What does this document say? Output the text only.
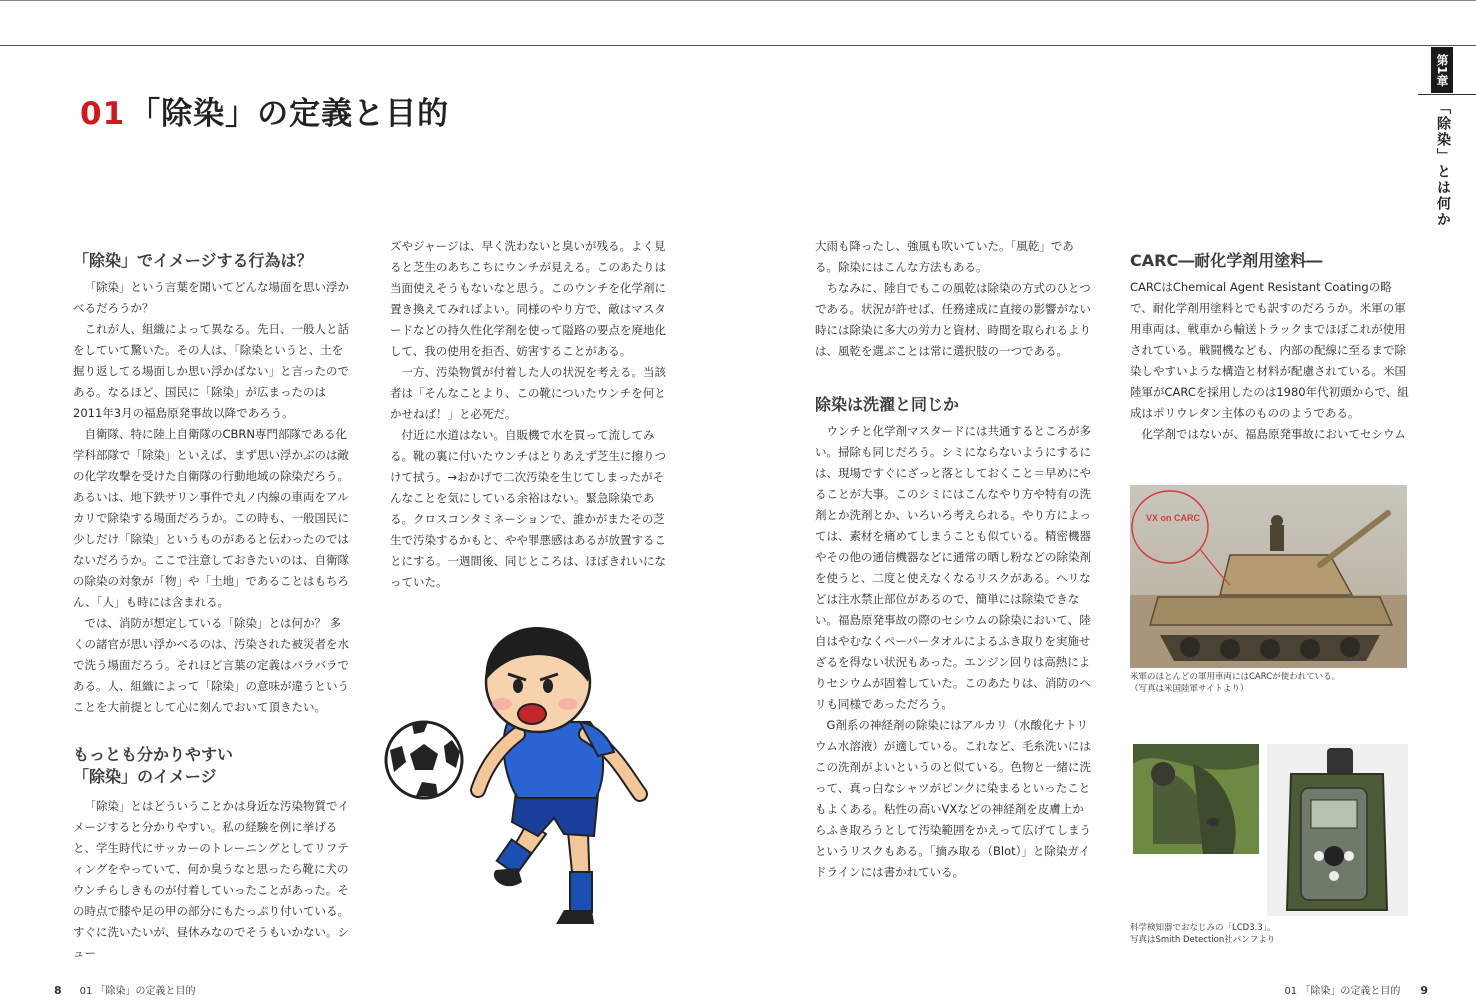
01 「除染」の定義と目的
第1章
「除染」とは何か
「除染」でイメージする行為は？

「除染」という言葉を聞いてどんな場面を思い浮かべるだろうか？

これが人、組織によって異なる。先日、一般人と話をしていて驚いた。その人は、「除染というと、土を掘り返してる場面しか思い浮かばない」と言ったのである。なるほど、国民に「除染」が広まったのは2011年3月の福島原発事故以降であろう。

自衛隊、特に陸上自衛隊のCBRN専門部隊である化学科部隊で「除染」といえば、まず思い浮かぶのは敵の化学攻撃を受けた自衛隊の行動地域の除染だろう。あるいは、地下鉄サリン事件で丸ノ内線の車両をアルカリで除染する場面だろうか。この時も、一般国民に少しだけ「除染」というものがあると伝わったのではないだろうか。ここで注意しておきたいのは、自衛隊の除染の対象が「物」や「土地」であることはもちろん、「人」も時には含まれる。

では、消防が想定している「除染」とは何か？ 多くの諸官が思い浮かべるのは、汚染された被災者を水で洗う場面だろう。それほど言葉の定義はバラバラである。人、組織によって「除染」の意味が違うということを大前提として心に刻んでおいて頂きたい。

もっとも分かりやすい
「除染」のイメージ

「除染」とはどういうことかは身近な汚染物質でイメージすると分かりやすい。私の経験を例に挙げると、学生時代にサッカーのトレーニングとしてリフティングをやっていて、何か臭うなと思ったら靴に犬のウンチらしきものが付着していったことがあった。その時点で膝や足の甲の部分にもたっぷり付いている。すぐに洗いたいが、昼休みなのでそうもいかない。シュー

ズやジャージは、早く洗わないと臭いが残る。よく見ると芝生のあちこちにウンチが見える。このあたりは当面使えそうもないなと思う。このウンチを化学剤に置き換えてみればよい。同様のやり方で、敵はマスタードなどの持久性化学剤を使って隘路の要点を廃地化して、我の使用を拒否、妨害することがある。

一方、汚染物質が付着した人の状況を考える。当該者は「そんなことより、この靴についたウンチを何とかせねば！」と必死だ。

付近に水道はない。自販機で水を買って流してみる。靴の裏に付いたウンチはとりあえず芝生に擦りつけて拭う。→おかげで二次汚染を生じてしまったがそんなことを気にしている余裕はない。緊急除染である。クロスコンタミネーションで、誰かがまたその芝生で汚染するかもと、やや罪悪感はあるが放置することにする。一週間後、同じところは、ほぼきれいになっていた。

大雨も降ったし、強風も吹いていた。「風乾」である。除染にはこんな方法もある。

ちなみに、陸自でもこの風乾は除染の方式のひとつである。状況が許せば、任務達成に直接の影響がない時には除染に多大の労力と資材、時間を取られるよりは、風乾を選ぶことは常に選択肢の一つである。

除染は洗濯と同じか

ウンチと化学剤マスタードには共通するところが多い。掃除も同じだろう。シミにならないようにするには、現場ですぐにざっと落としておくこと＝早めにやることが大事。このシミにはこんなやり方や特有の洗剤とか洗剤とか、いろいろ考えられる。やり方によっては、素材を痛めてしまうことも似ている。精密機器やその他の通信機器などに通常の晒し粉などの除染剤を使うと、二度と使えなくなるリスクがある。ヘリなどは注水禁止部位があるので、簡単には除染できない。福島原発事故の際のセシウムの除染において、陸自はやむなくペーパータオルによるふき取りを実施せざるを得ない状況もあった。エンジン回りは高熱によりセシウムが固着していた。このあたりは、消防のヘリも同様であっただろう。

G剤系の神経剤の除染にはアルカリ（水酸化ナトリウム水溶液）が適している。これなど、毛糸洗いにはこの洗剤がよいというのと似ている。色物と一緒に洗って、真っ白なシャツがピンクに染まるといったこともよくある。粘性の高いVXなどの神経剤を皮膚上からふき取ろうとして汚染範囲をかえって広げてしまうというリスクもある。「摘み取る（Blot）」と除染ガイドラインには書かれている。

CARC―耐化学剤用塗料―

CARCはChemical Agent Resistant Coatingの略で、耐化学剤用塗料とでも訳すのだろうか。米軍の軍用車両は、戦車から輸送トラックまでほぼこれが使用されている。戦闘機なども、内部の配線に至るまで除染しやすいような構造と材料が配慮されている。米国陸軍がCARCを採用したのは1980年代初頭からで、組成はポリウレタン主体のもののようである。

化学剤ではないが、福島原発事故においてセシウム

VX on CARC
米軍のほとんどの軍用車両にはCARCが使われている。
（写真は米国陸軍サイトより）
科学検知器でおなじみの「LCD3.3」。
写真はSmith Detection社パンフより
8 01 「除染」の定義と目的	01 「除染」の定義と目的 9
